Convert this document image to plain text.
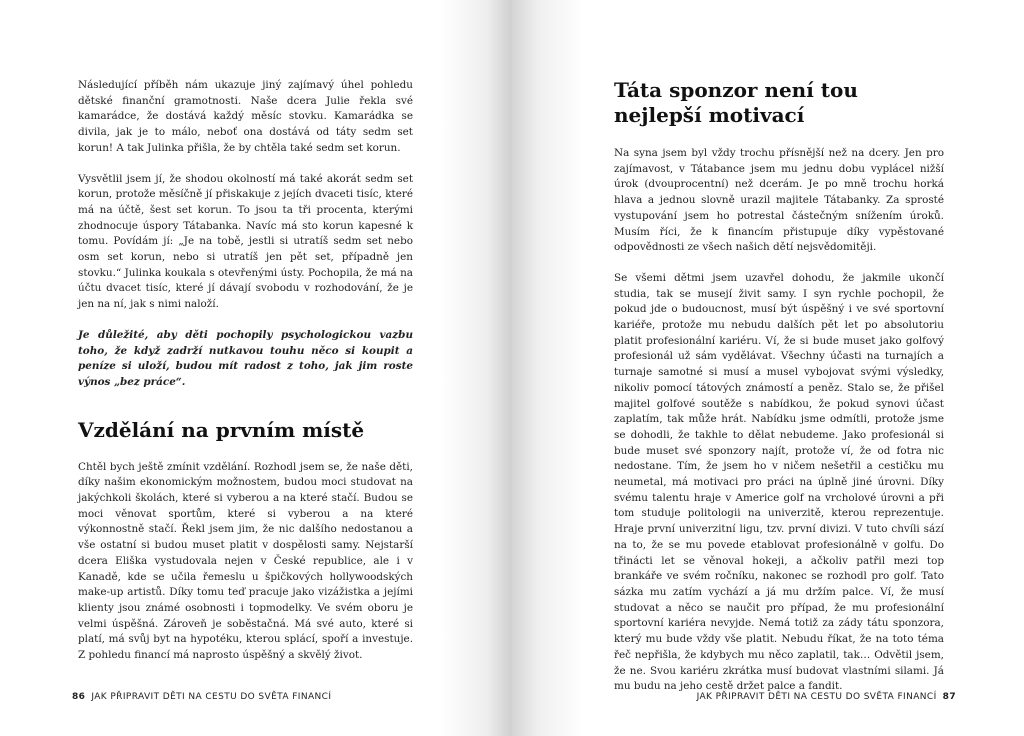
Následující příběh nám ukazuje jiný zajímavý úhel pohledu dětské finanční gramotnosti. Naše dcera Julie řekla své kamarádce, že dostává každý měsíc stovku. Kamarádka se divila, jak je to málo, neboť ona dostává od táty sedm set korun! A tak Julinka přišla, že by chtěla také sedm set korun.

Vysvětlil jsem jí, že shodou okolností má také akorát sedm set korun, protože měsíčně jí přiskakuje z jejích dvaceti tisíc, které má na účtě, šest set korun. To jsou ta tři procenta, kterými zhodnocuje úspory Tátabanka. Navíc má sto korun kapesné k tomu. Povídám jí: „Je na tobě, jestli si utratíš sedm set nebo osm set korun, nebo si utratíš jen pět set, případně jen stovku.“ Julinka koukala s otevřenými ústy. Pochopila, že má na účtu dvacet tisíc, které jí dávají svobodu v rozhodování, že je jen na ní, jak s nimi naloží.

Je důležité, aby děti pochopily psychologickou vazbu toho, že když zadrží nutkavou touhu něco si koupit a peníze si uloží, budou mít radost z toho, jak jim roste výnos „bez práce“.

Vzdělání na prvním místě

Chtěl bych ještě zmínit vzdělání. Rozhodl jsem se, že naše děti, díky našim ekonomickým možnostem, budou moci studovat na jakýchkoli školách, které si vyberou a na které stačí. Budou se moci věnovat sportům, které si vyberou a na které výkonnostně stačí. Řekl jsem jim, že nic dalšího nedostanou a vše ostatní si budou muset platit v dospělosti samy. Nejstarší dcera Eliška vystudovala nejen v České republice, ale i v Kanadě, kde se učila řemeslu u špičkových hollywoodských make-up artistů. Díky tomu teď pracuje jako vizážistka a jejími klienty jsou známé osobnosti i topmodelky. Ve svém oboru je velmi úspěšná. Zároveň je soběstačná. Má své auto, které si platí, má svůj byt na hypotéku, kterou splácí, spoří a investuje. Z pohledu financí má naprosto úspěšný a skvělý život.

86 JAK PŘIPRAVIT DĚTI NA CESTU DO SVĚTA FINANCÍ
Táta sponzor není tou nejlepší motivací

Na syna jsem byl vždy trochu přísnější než na dcery. Jen pro zajímavost, v Tátabance jsem mu jednu dobu vyplácel nižší úrok (dvouprocentní) než dcerám. Je po mně trochu horká hlava a jednou slovně urazil majitele Tátabanky. Za sprosté vystupování jsem ho potrestal částečným snížením úroků. Musím říci, že k financím přistupuje díky vypěstované odpovědnosti ze všech našich dětí nejsvědomitěji.

Se všemi dětmi jsem uzavřel dohodu, že jakmile ukončí studia, tak se musejí živit samy. I syn rychle pochopil, že pokud jde o budoucnost, musí být úspěšný i ve své sportovní kariéře, protože mu nebudu dalších pět let po absolutoriu platit profesionální kariéru. Ví, že si bude muset jako golfový profesionál už sám vydělávat. Všechny účasti na turnajích a turnaje samotné si musí a musel vybojovat svými výsledky, nikoliv pomocí tátových známostí a peněz. Stalo se, že přišel majitel golfové soutěže s nabídkou, že pokud synovi účast zaplatím, tak může hrát. Nabídku jsme odmítli, protože jsme se dohodli, že takhle to dělat nebudeme. Jako profesionál si bude muset své sponzory najít, protože ví, že od fotra nic nedostane. Tím, že jsem ho v ničem nešetřil a cestičku mu neumetal, má motivaci pro práci na úplně jiné úrovni. Díky svému talentu hraje v Americe golf na vrcholové úrovni a při tom studuje politologii na univerzitě, kterou reprezentuje. Hraje první univerzitní ligu, tzv. první divizi. V tuto chvíli sází na to, že se mu povede etablovat profesionálně v golfu. Do třinácti let se věnoval hokeji, a ačkoliv patřil mezi top brankáře ve svém ročníku, nakonec se rozhodl pro golf. Tato sázka mu zatím vychází a já mu držím palce. Ví, že musí studovat a něco se naučit pro případ, že mu profesionální sportovní kariéra nevyjde. Nemá totiž za zády tátu sponzora, který mu bude vždy vše platit. Nebudu říkat, že na toto téma řeč nepřišla, že kdybych mu něco zaplatil, tak… Odvětil jsem, že ne. Svou kariéru zkrátka musí budovat vlastními silami. Já mu budu na jeho cestě držet palce a fandit.

JAK PŘIPRAVIT DĚTI NA CESTU DO SVĚTA FINANCÍ 87
